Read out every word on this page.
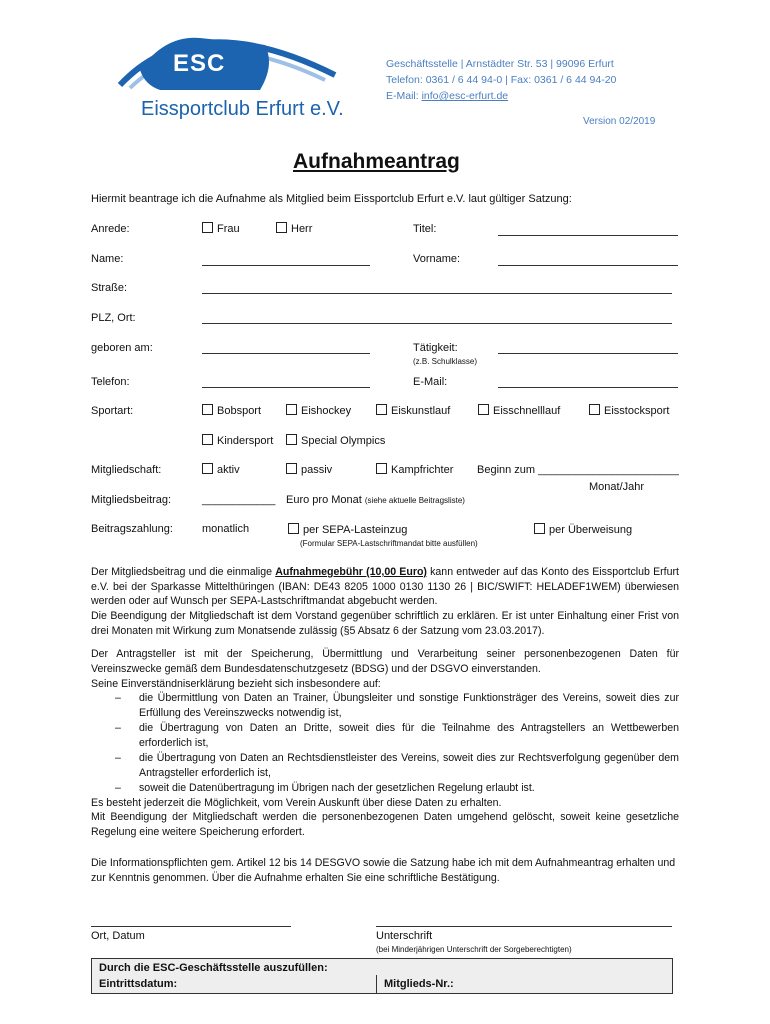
ESC
Eissportclub Erfurt e.V.
Geschäftsstelle | Arnstädter Str. 53 | 99096 Erfurt
Telefon: 0361 / 6 44 94-0 | Fax: 0361 / 6 44 94-20
E-Mail: info@esc-erfurt.de
Version 02/2019
Aufnahmeantrag
Hiermit beantrage ich die Aufnahme als Mitglied beim Eissportclub Erfurt e.V. laut gültiger Satzung:
Anrede:	Frau	Herr	Titel:
Name:	Vorname:
Straße:
PLZ, Ort:
geboren am:	Tätigkeit:
(z.B. Schulklasse)
Telefon:	E-Mail:
Sportart:	Bobsport	Eishockey	Eiskunstlauf	Eisschnelllauf	Eisstocksport
Kindersport	Special Olympics
Mitgliedschaft:	aktiv	passiv	Kampfrichter Beginn zum _______________________
Monat/Jahr
Mitgliedsbeitrag:	____________ Euro pro Monat (siehe aktuelle Beitragsliste)
Beitragszahlung:	monatlich	per SEPA-Lasteinzug	per Überweisung
(Formular SEPA-Lastschriftmandat bitte ausfüllen)
Der Mitgliedsbeitrag und die einmalige Aufnahmegebühr (10,00 Euro) kann entweder auf das Konto des Eissportclub Erfurt e.V. bei der Sparkasse Mittelthüringen (IBAN: DE43 8205 1000 0130 1130 26 | BIC/SWIFT: HELADEF1WEM) überwiesen werden oder auf Wunsch per SEPA-Lastschriftmandat abgebucht werden.
Die Beendigung der Mitgliedschaft ist dem Vorstand gegenüber schriftlich zu erklären. Er ist unter Einhaltung einer Frist von drei Monaten mit Wirkung zum Monatsende zulässig (§5 Absatz 6 der Satzung vom 23.03.2017).
Der Antragsteller ist mit der Speicherung, Übermittlung und Verarbeitung seiner personenbezogenen Daten für Vereinszwecke gemäß dem Bundesdatenschutzgesetz (BDSG) und der DSGVO einverstanden.
Seine Einverständniserklärung bezieht sich insbesondere auf:
– die Übermittlung von Daten an Trainer, Übungsleiter und sonstige Funktionsträger des Vereins, soweit dies zur Erfüllung des Vereinszwecks notwendig ist,
– die Übertragung von Daten an Dritte, soweit dies für die Teilnahme des Antragstellers an Wettbewerben erforderlich ist,
– die Übertragung von Daten an Rechtsdienstleister des Vereins, soweit dies zur Rechtsverfolgung gegenüber dem Antragsteller erforderlich ist,
– soweit die Datenübertragung im Übrigen nach der gesetzlichen Regelung erlaubt ist.
Es besteht jederzeit die Möglichkeit, vom Verein Auskunft über diese Daten zu erhalten.
Mit Beendigung der Mitgliedschaft werden die personenbezogenen Daten umgehend gelöscht, soweit keine gesetzliche Regelung eine weitere Speicherung erfordert.
Die Informationspflichten gem. Artikel 12 bis 14 DESGVO sowie die Satzung habe ich mit dem Aufnahmeantrag erhalten und zur Kenntnis genommen. Über die Aufnahme erhalten Sie eine schriftliche Bestätigung.
Ort, Datum	Unterschrift
(bei Minderjährigen Unterschrift der Sorgeberechtigten)
Durch die ESC-Geschäftsstelle auszufüllen:
Eintrittsdatum:	Mitglieds-Nr.:
